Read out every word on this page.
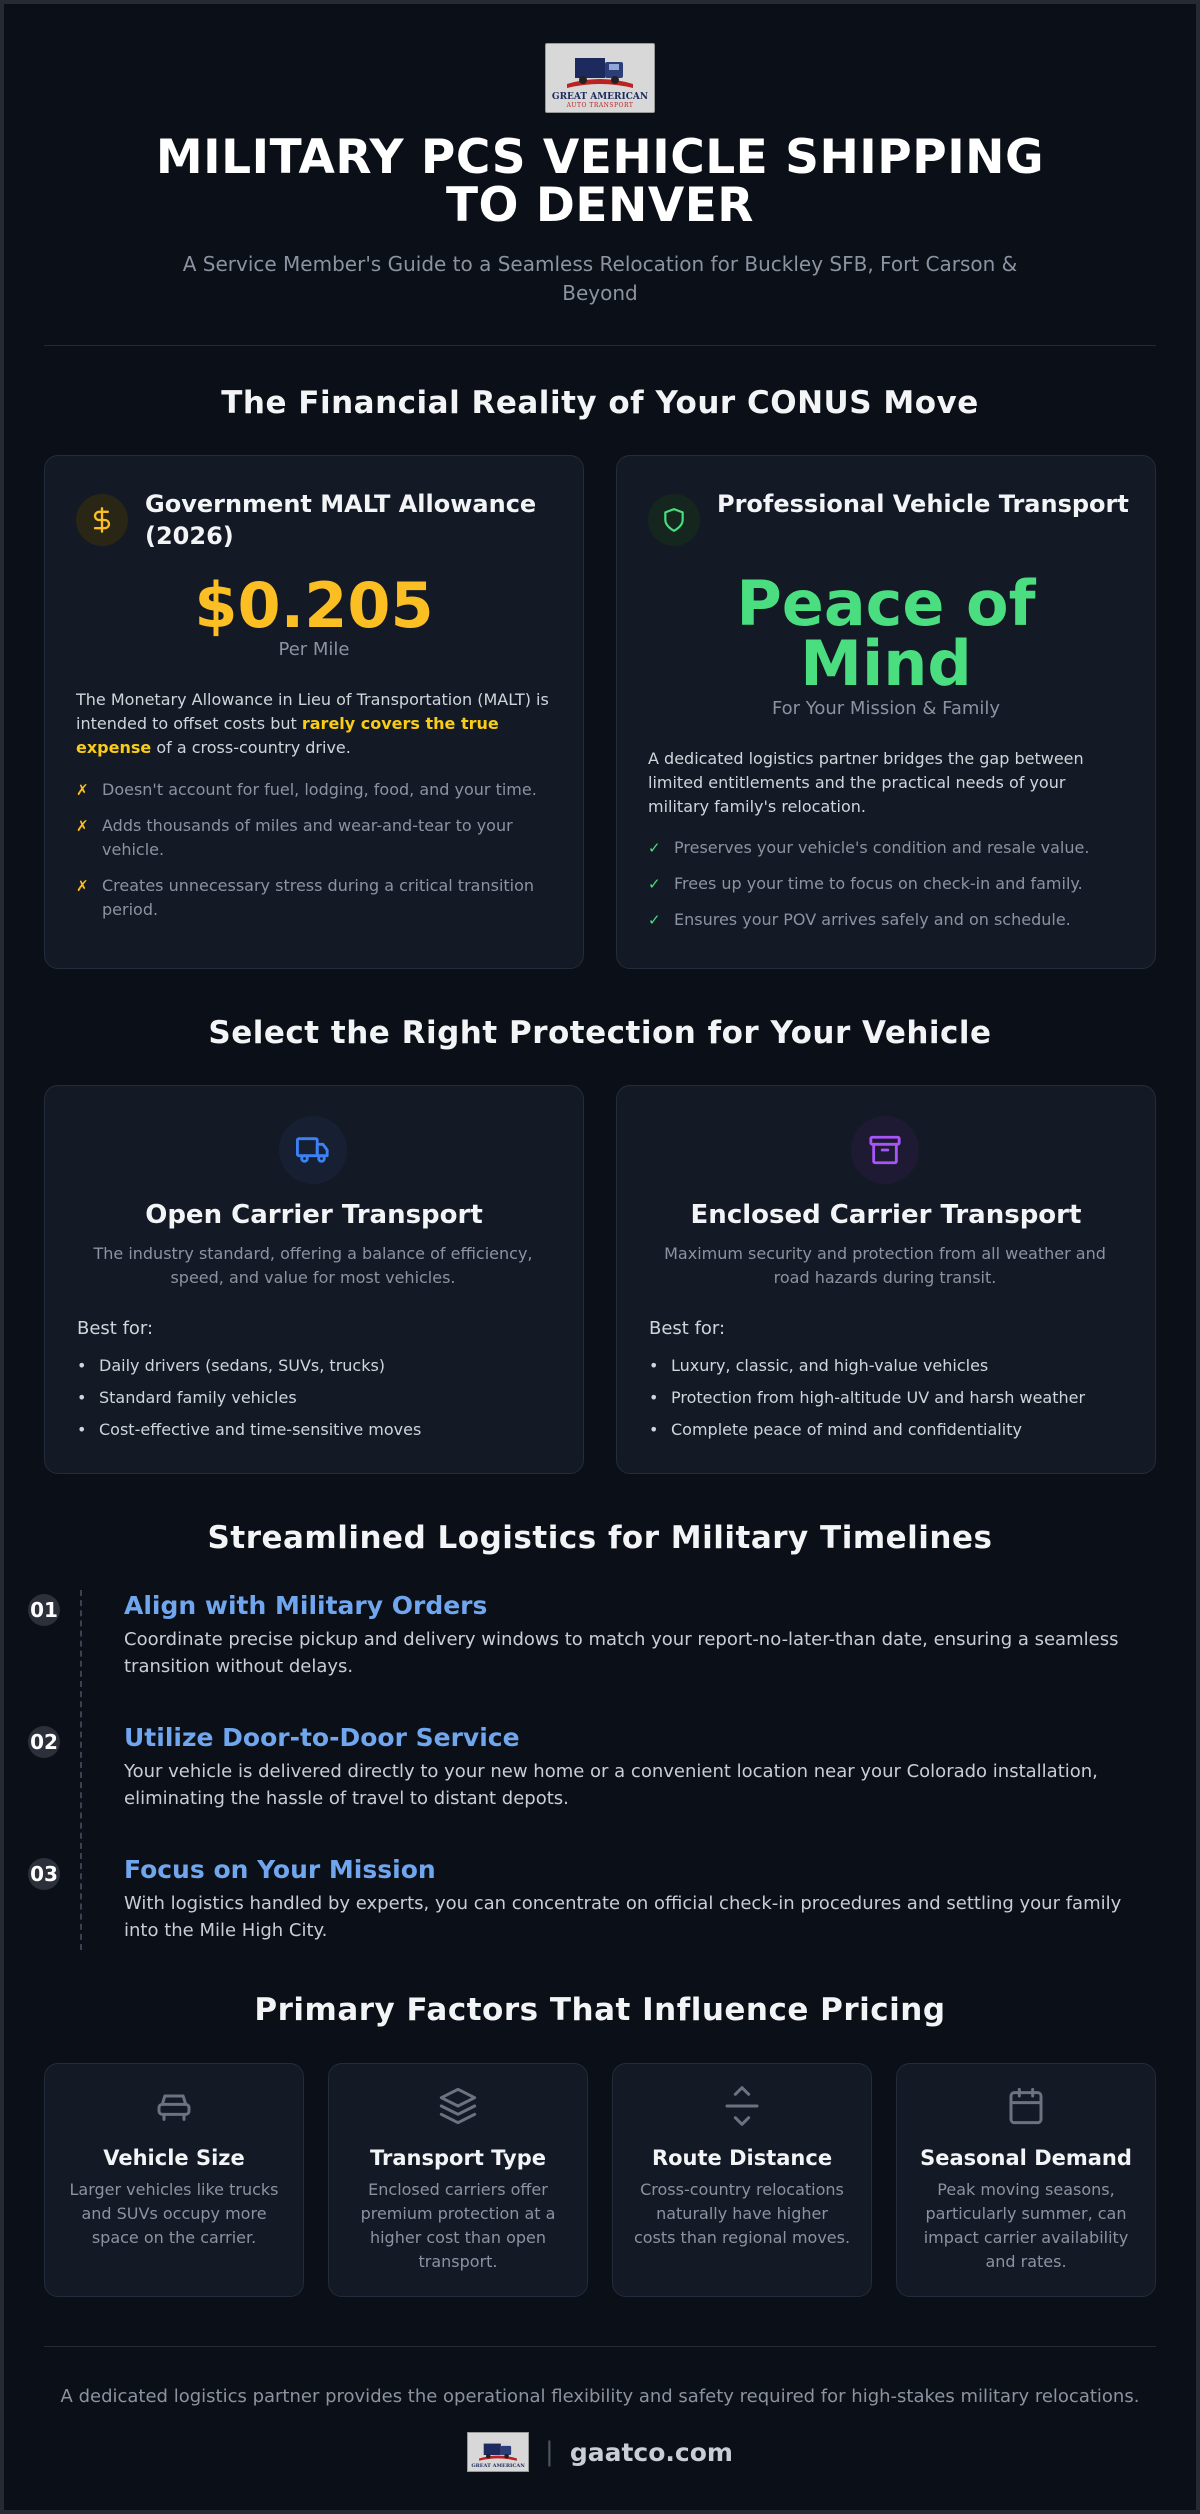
GREAT AMERICAN
AUTO TRANSPORT
MILITARY PCS VEHICLE SHIPPING TO DENVER
A Service Member's Guide to a Seamless Relocation for Buckley SFB, Fort Carson & Beyond
The Financial Reality of Your CONUS Move
Government MALT Allowance (2026)
$0.205
Per Mile
The Monetary Allowance in Lieu of Transportation (MALT) is intended to offset costs but rarely covers the true expense of a cross-country drive.
✗ Doesn't account for fuel, lodging, food, and your time.
✗ Adds thousands of miles and wear-and-tear to your vehicle.
✗ Creates unnecessary stress during a critical transition period.
Professional Vehicle Transport
Peace of Mind
For Your Mission & Family
A dedicated logistics partner bridges the gap between limited entitlements and the practical needs of your military family's relocation.
✓ Preserves your vehicle's condition and resale value.
✓ Frees up your time to focus on check-in and family.
✓ Ensures your POV arrives safely and on schedule.
Select the Right Protection for Your Vehicle
Open Carrier Transport
The industry standard, offering a balance of efficiency, speed, and value for most vehicles.
Best for:
• Daily drivers (sedans, SUVs, trucks)
• Standard family vehicles
• Cost-effective and time-sensitive moves
Enclosed Carrier Transport
Maximum security and protection from all weather and road hazards during transit.
Best for:
• Luxury, classic, and high-value vehicles
• Protection from high-altitude UV and harsh weather
• Complete peace of mind and confidentiality
Streamlined Logistics for Military Timelines
01	Align with Military Orders
Coordinate precise pickup and delivery windows to match your report-no-later-than date, ensuring a seamless transition without delays.
02	Utilize Door-to-Door Service
Your vehicle is delivered directly to your new home or a convenient location near your Colorado installation, eliminating the hassle of travel to distant depots.
03	Focus on Your Mission
With logistics handled by experts, you can concentrate on official check-in procedures and settling your family into the Mile High City.
Primary Factors That Influence Pricing
Vehicle Size
Larger vehicles like trucks and SUVs occupy more space on the carrier.
Transport Type
Enclosed carriers offer premium protection at a higher cost than open transport.
Route Distance
Cross-country relocations naturally have higher costs than regional moves.
Seasonal Demand
Peak moving seasons, particularly summer, can impact carrier availability and rates.
A dedicated logistics partner provides the operational flexibility and safety required for high-stakes military relocations.
GREAT AMERICAN | gaatco.com
